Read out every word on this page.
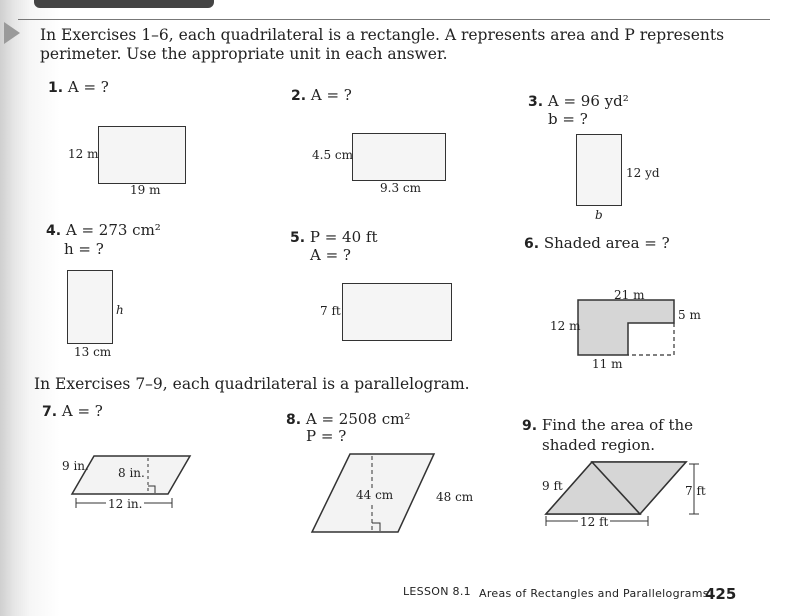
In Exercises 1–6, each quadrilateral is a rectangle. A represents area and P represents
perimeter. Use the appropriate unit in each answer.
1. A = ?
12 m
19 m
2. A = ?
4.5 cm
9.3 cm
3. A = 96 yd²
b = ?
12 yd
b
4. A = 273 cm²
h = ?
h
13 cm
5. P = 40 ft
A = ?
7 ft
6. Shaded area = ?
21 m
5 m
12 m
11 m
In Exercises 7–9, each quadrilateral is a parallelogram.
7. A = ?
9 in. 8 in.
12 in.
8. A = 2508 cm²
P = ?
44 cm	48 cm
9. Find the area of the
shaded region.
9 ft	7 ft
12 ft
LESSON 8.1 Areas of Rectangles and Parallelograms
425
